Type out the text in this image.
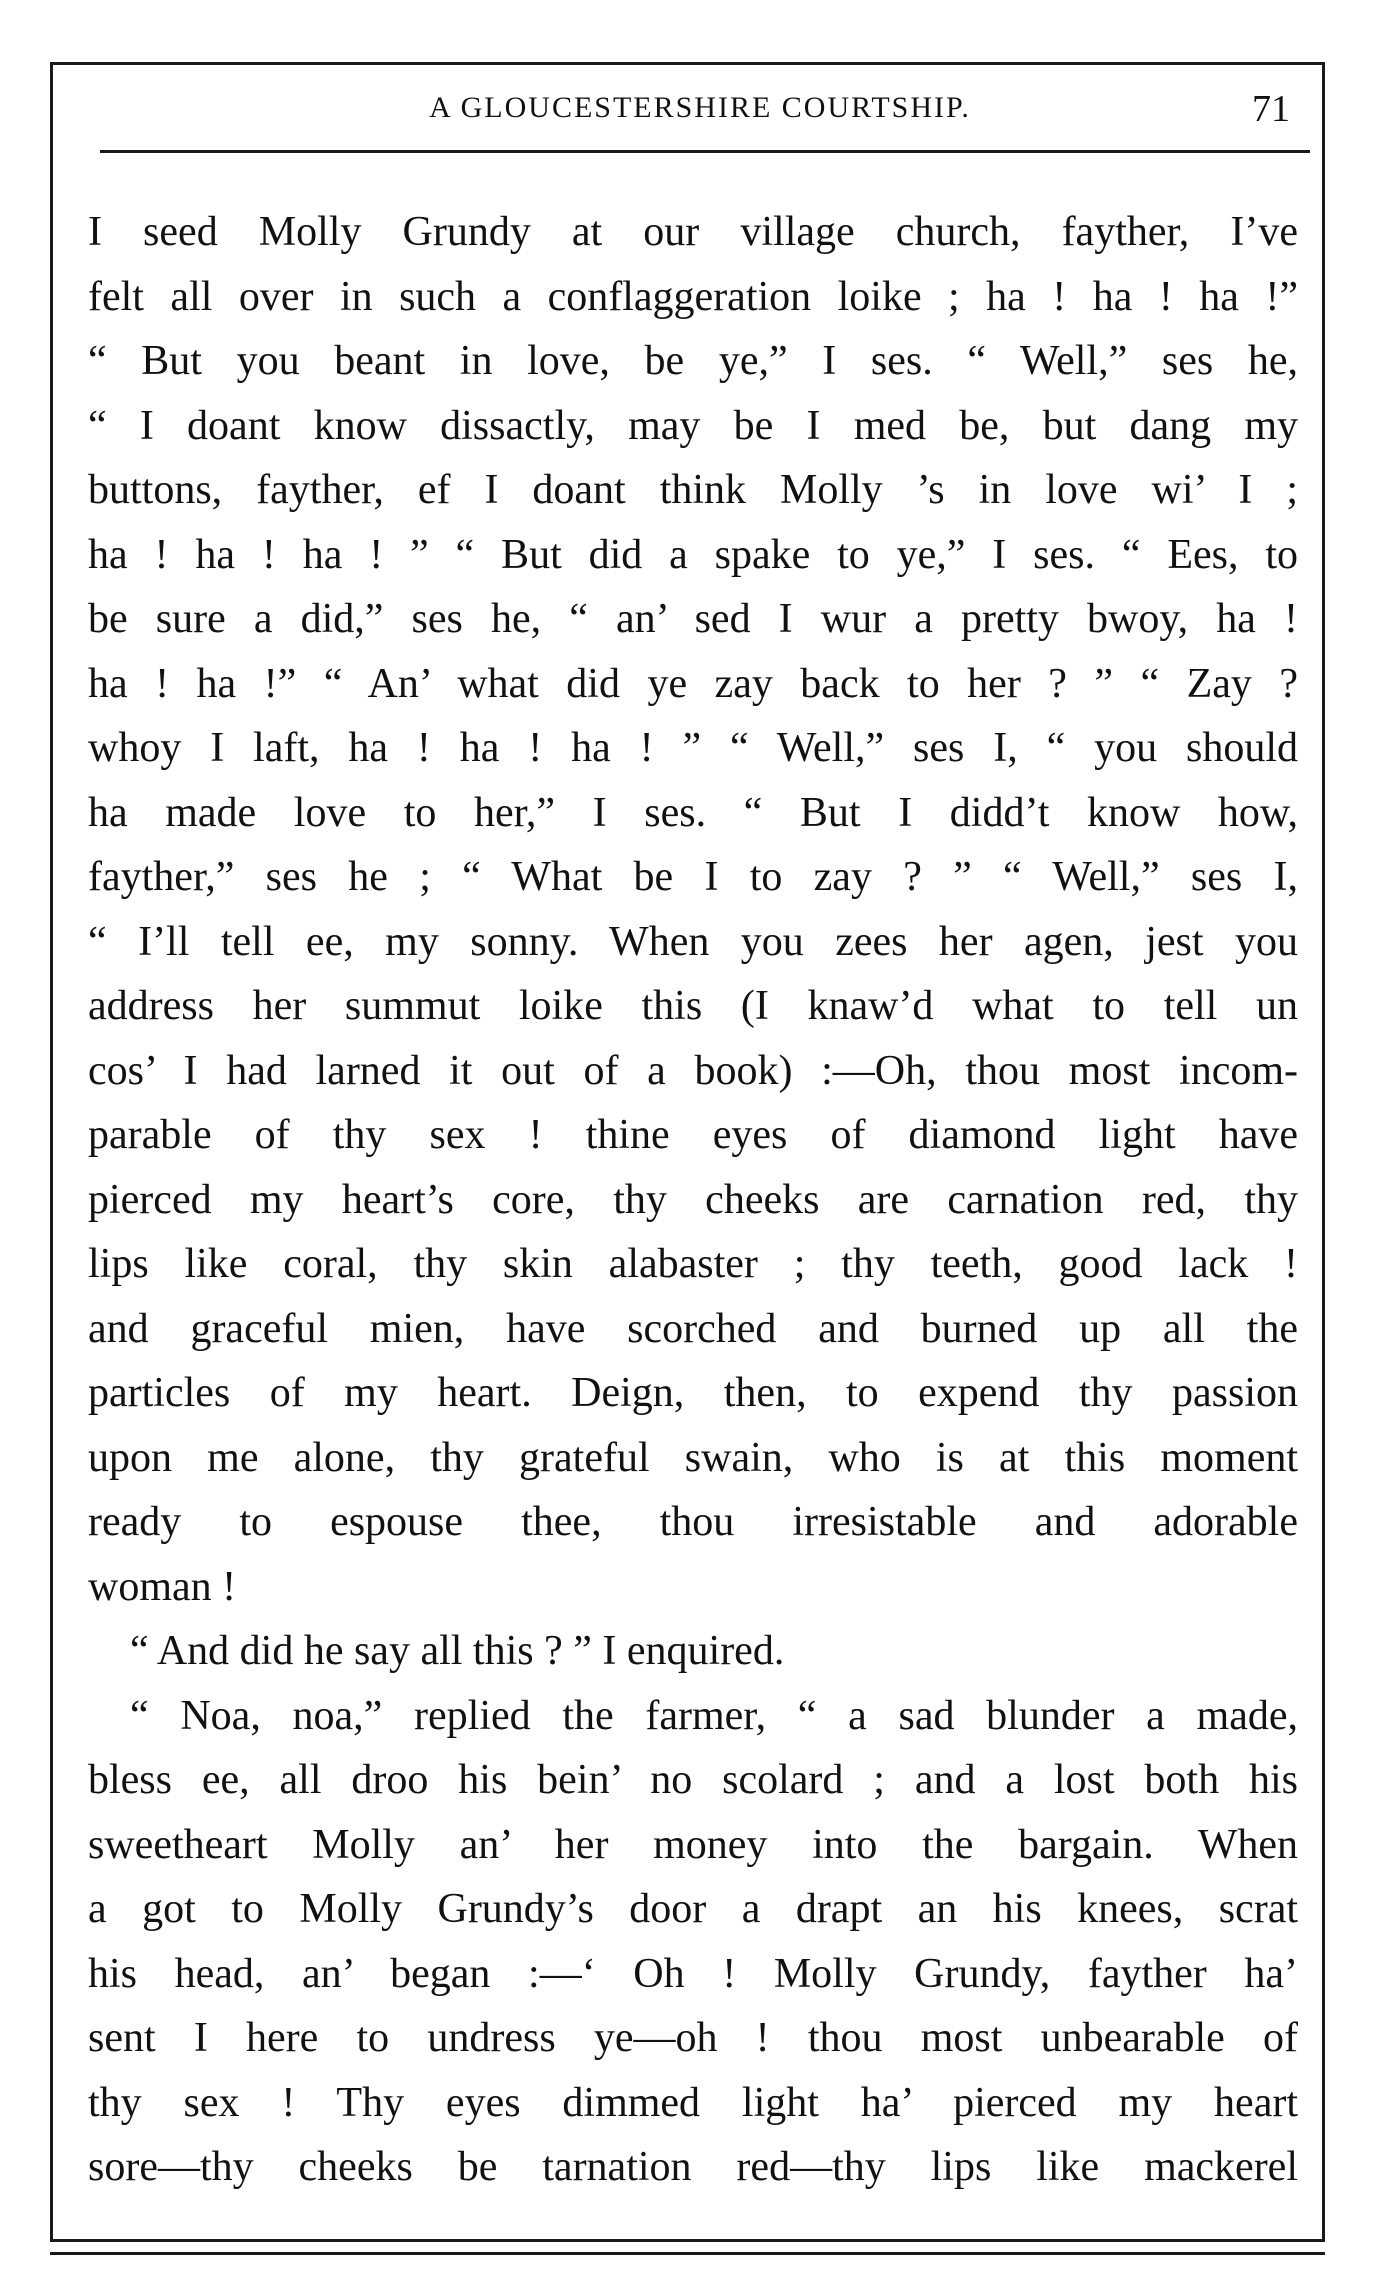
A GLOUCESTERSHIRE COURTSHIP.	71
I seed Molly Grundy at our village church, fayther, I’ve
felt all over in such a conflaggeration loike ; ha ! ha ! ha !”
“ But you beant in love, be ye,” I ses. “ Well,” ses he,
“ I doant know dissactly, may be I med be, but dang my
buttons, fayther, ef I doant think Molly ’s in love wi’ I ;
ha ! ha ! ha ! ” “ But did a spake to ye,” I ses. “ Ees, to
be sure a did,” ses he, “ an’ sed I wur a pretty bwoy, ha !
ha ! ha !” “ An’ what did ye zay back to her ? ” “ Zay ?
whoy I laft, ha ! ha ! ha ! ” “ Well,” ses I, “ you should
ha made love to her,” I ses. “ But I didd’t know how,
fayther,” ses he ; “ What be I to zay ? ” “ Well,” ses I,
“ I’ll tell ee, my sonny. When you zees her agen, jest you
address her summut loike this (I knaw’d what to tell un
cos’ I had larned it out of a book) :—Oh, thou most incom-
parable of thy sex ! thine eyes of diamond light have
pierced my heart’s core, thy cheeks are carnation red, thy
lips like coral, thy skin alabaster ; thy teeth, good lack !
and graceful mien, have scorched and burned up all the
particles of my heart. Deign, then, to expend thy passion
upon me alone, thy grateful swain, who is at this moment
ready to espouse thee, thou irresistable and adorable
woman !
“ And did he say all this ? ” I enquired.
“ Noa, noa,” replied the farmer, “ a sad blunder a made,
bless ee, all droo his bein’ no scolard ; and a lost both his
sweetheart Molly an’ her money into the bargain. When
a got to Molly Grundy’s door a drapt an his knees, scrat
his head, an’ began :—‘ Oh ! Molly Grundy, fayther ha’
sent I here to undress ye—oh ! thou most unbearable of
thy sex ! Thy eyes dimmed light ha’ pierced my heart
sore—thy cheeks be tarnation red—thy lips like mackerel
